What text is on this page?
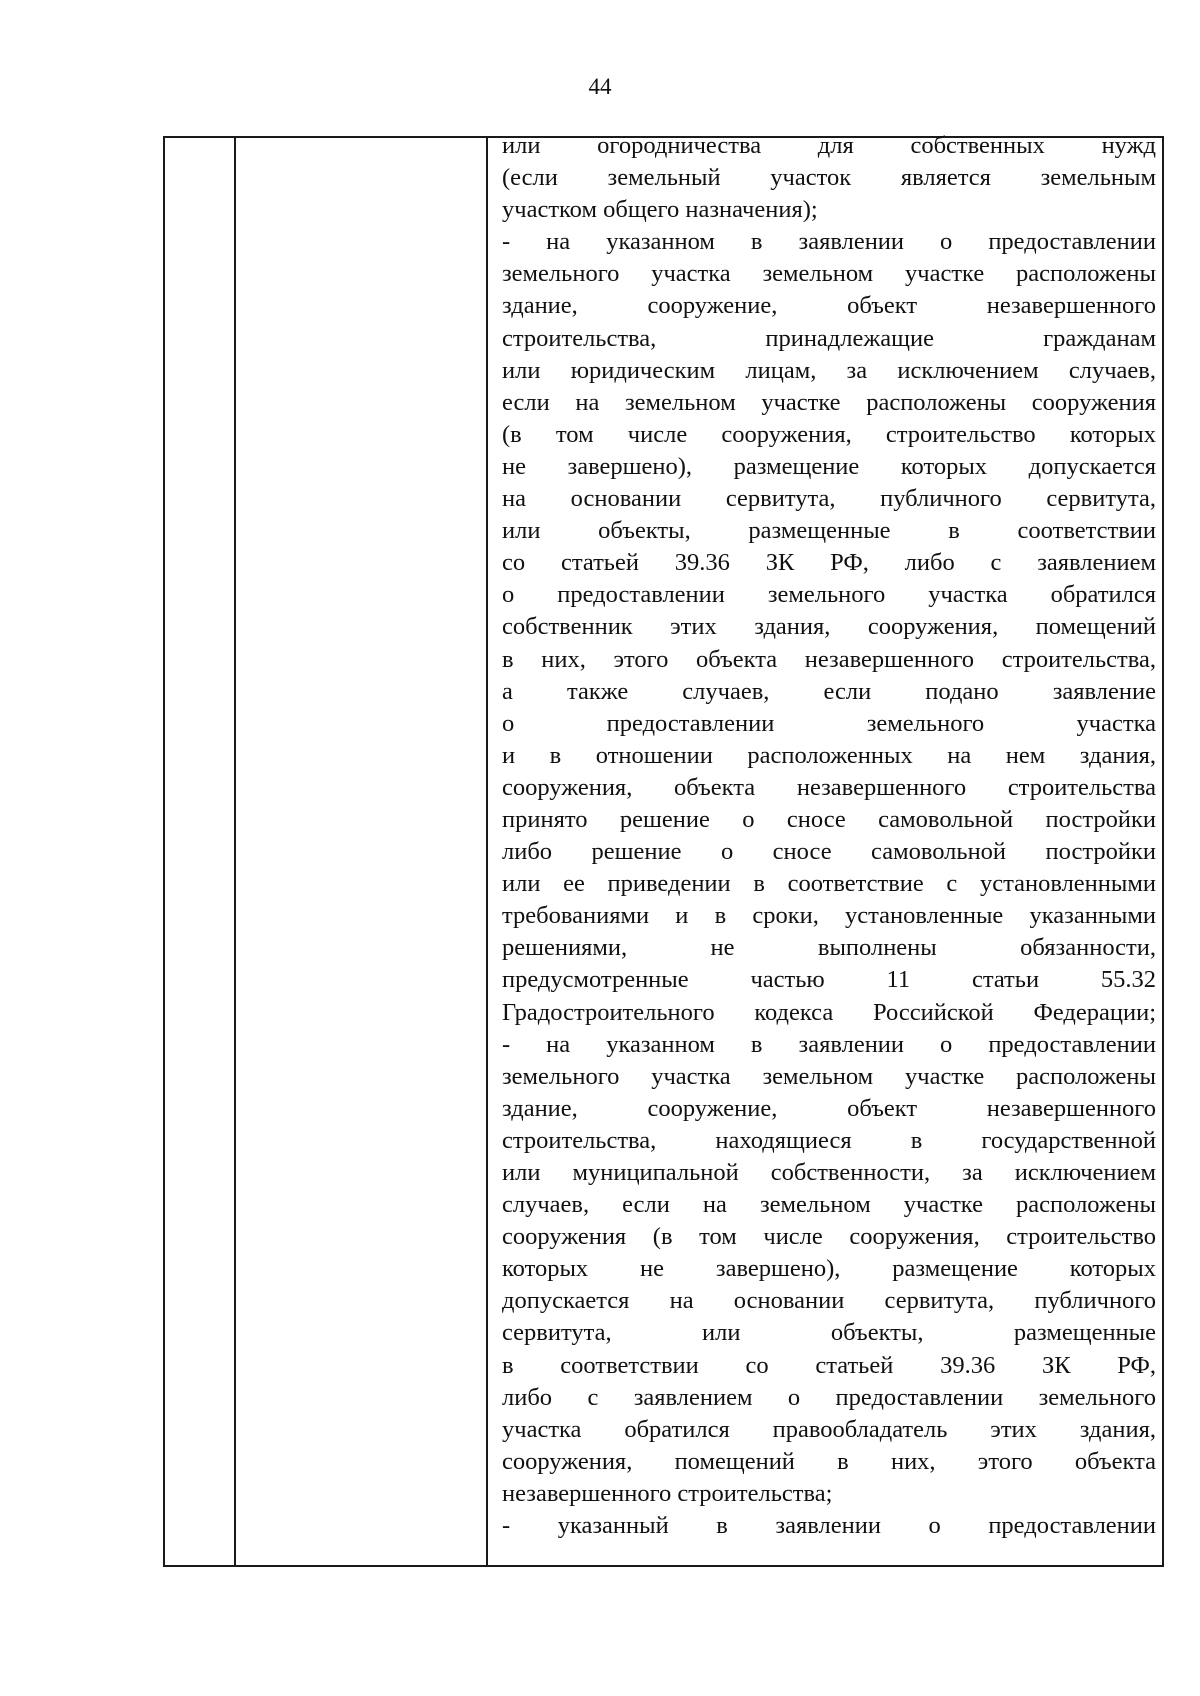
44
или огородничества для собственных нужд
(если земельный участок является земельным
участком общего назначения);
- на указанном в заявлении о предоставлении
земельного участка земельном участке расположены
здание, сооружение, объект незавершенного
строительства, принадлежащие гражданам
или юридическим лицам, за исключением случаев,
если на земельном участке расположены сооружения
(в том числе сооружения, строительство которых
не завершено), размещение которых допускается
на основании сервитута, публичного сервитута,
или объекты, размещенные в соответствии
со статьей 39.36 ЗК РФ, либо с заявлением
о предоставлении земельного участка обратился
собственник этих здания, сооружения, помещений
в них, этого объекта незавершенного строительства,
а также случаев, если подано заявление
о предоставлении земельного участка
и в отношении расположенных на нем здания,
сооружения, объекта незавершенного строительства
принято решение о сносе самовольной постройки
либо решение о сносе самовольной постройки
или ее приведении в соответствие с установленными
требованиями и в сроки, установленные указанными
решениями, не выполнены обязанности,
предусмотренные частью 11 статьи 55.32
Градостроительного кодекса Российской Федерации;
- на указанном в заявлении о предоставлении
земельного участка земельном участке расположены
здание, сооружение, объект незавершенного
строительства, находящиеся в государственной
или муниципальной собственности, за исключением
случаев, если на земельном участке расположены
сооружения (в том числе сооружения, строительство
которых не завершено), размещение которых
допускается на основании сервитута, публичного
сервитута, или объекты, размещенные
в соответствии со статьей 39.36 ЗК РФ,
либо с заявлением о предоставлении земельного
участка обратился правообладатель этих здания,
сооружения, помещений в них, этого объекта
незавершенного строительства;
- указанный в заявлении о предоставлении
